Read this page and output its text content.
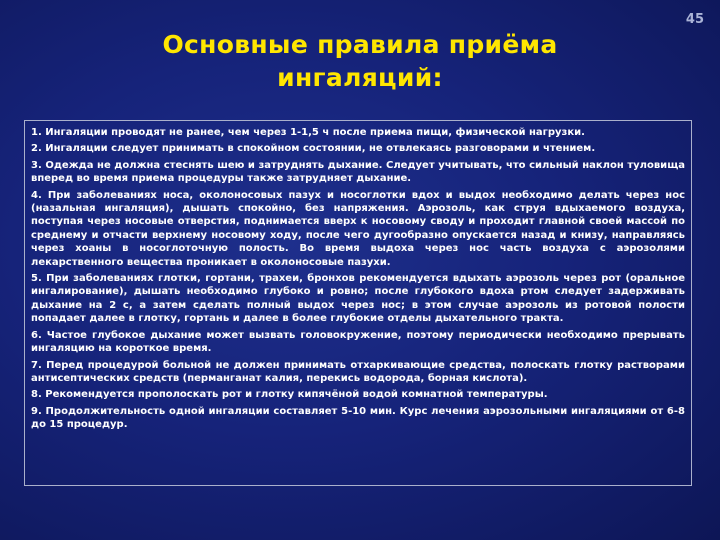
45
Основные правила приёма
ингаляций:
1. Ингаляции проводят не ранее, чем через 1-1,5 ч после приема пищи, физической нагрузки.
2. Ингаляции следует принимать в спокойном состоянии, не отвлекаясь разговорами и чтением.
3. Одежда не должна стеснять шею и затруднять дыхание. Следует учитывать, что сильный наклон туловища вперед во время приема процедуры также затрудняет дыхание.
4. При заболеваниях носа, околоносовых пазух и носоглотки вдох и выдох необходимо делать через нос (назальная ингаляция), дышать спокойно, без напряжения. Аэрозоль, как струя вдыхаемого воздуха, поступая через носовые отверстия, поднимается вверх к носовому своду и проходит главной своей массой по среднему и отчасти верхнему носовому ходу, после чего дугообразно опускается назад и книзу, направляясь через хоаны в носоглоточную полость. Во время выдоха через нос часть воздуха с аэрозолями лекарственного вещества проникает в околоносовые пазухи.
5. При заболеваниях глотки, гортани, трахеи, бронхов рекомендуется вдыхать аэрозоль через рот (оральное ингалирование), дышать необходимо глубоко и ровно; после глубокого вдоха ртом следует задерживать дыхание на 2 с, а затем сделать полный выдох через нос; в этом случае аэрозоль из ротовой полости попадает далее в глотку, гортань и далее в более глубокие отделы дыхательного тракта.
6. Частое глубокое дыхание может вызвать головокружение, поэтому периодически необходимо прерывать ингаляцию на короткое время.
7. Перед процедурой больной не должен принимать отхаркивающие средства, полоскать глотку растворами антисептических средств (перманганат калия, перекись водорода, борная кислота).
8. Рекомендуется прополоскать рот и глотку кипячёной водой комнатной температуры.
9. Продолжительность одной ингаляции составляет 5-10 мин. Курс лечения аэрозольными ингаляциями от 6-8 до 15 процедур.
